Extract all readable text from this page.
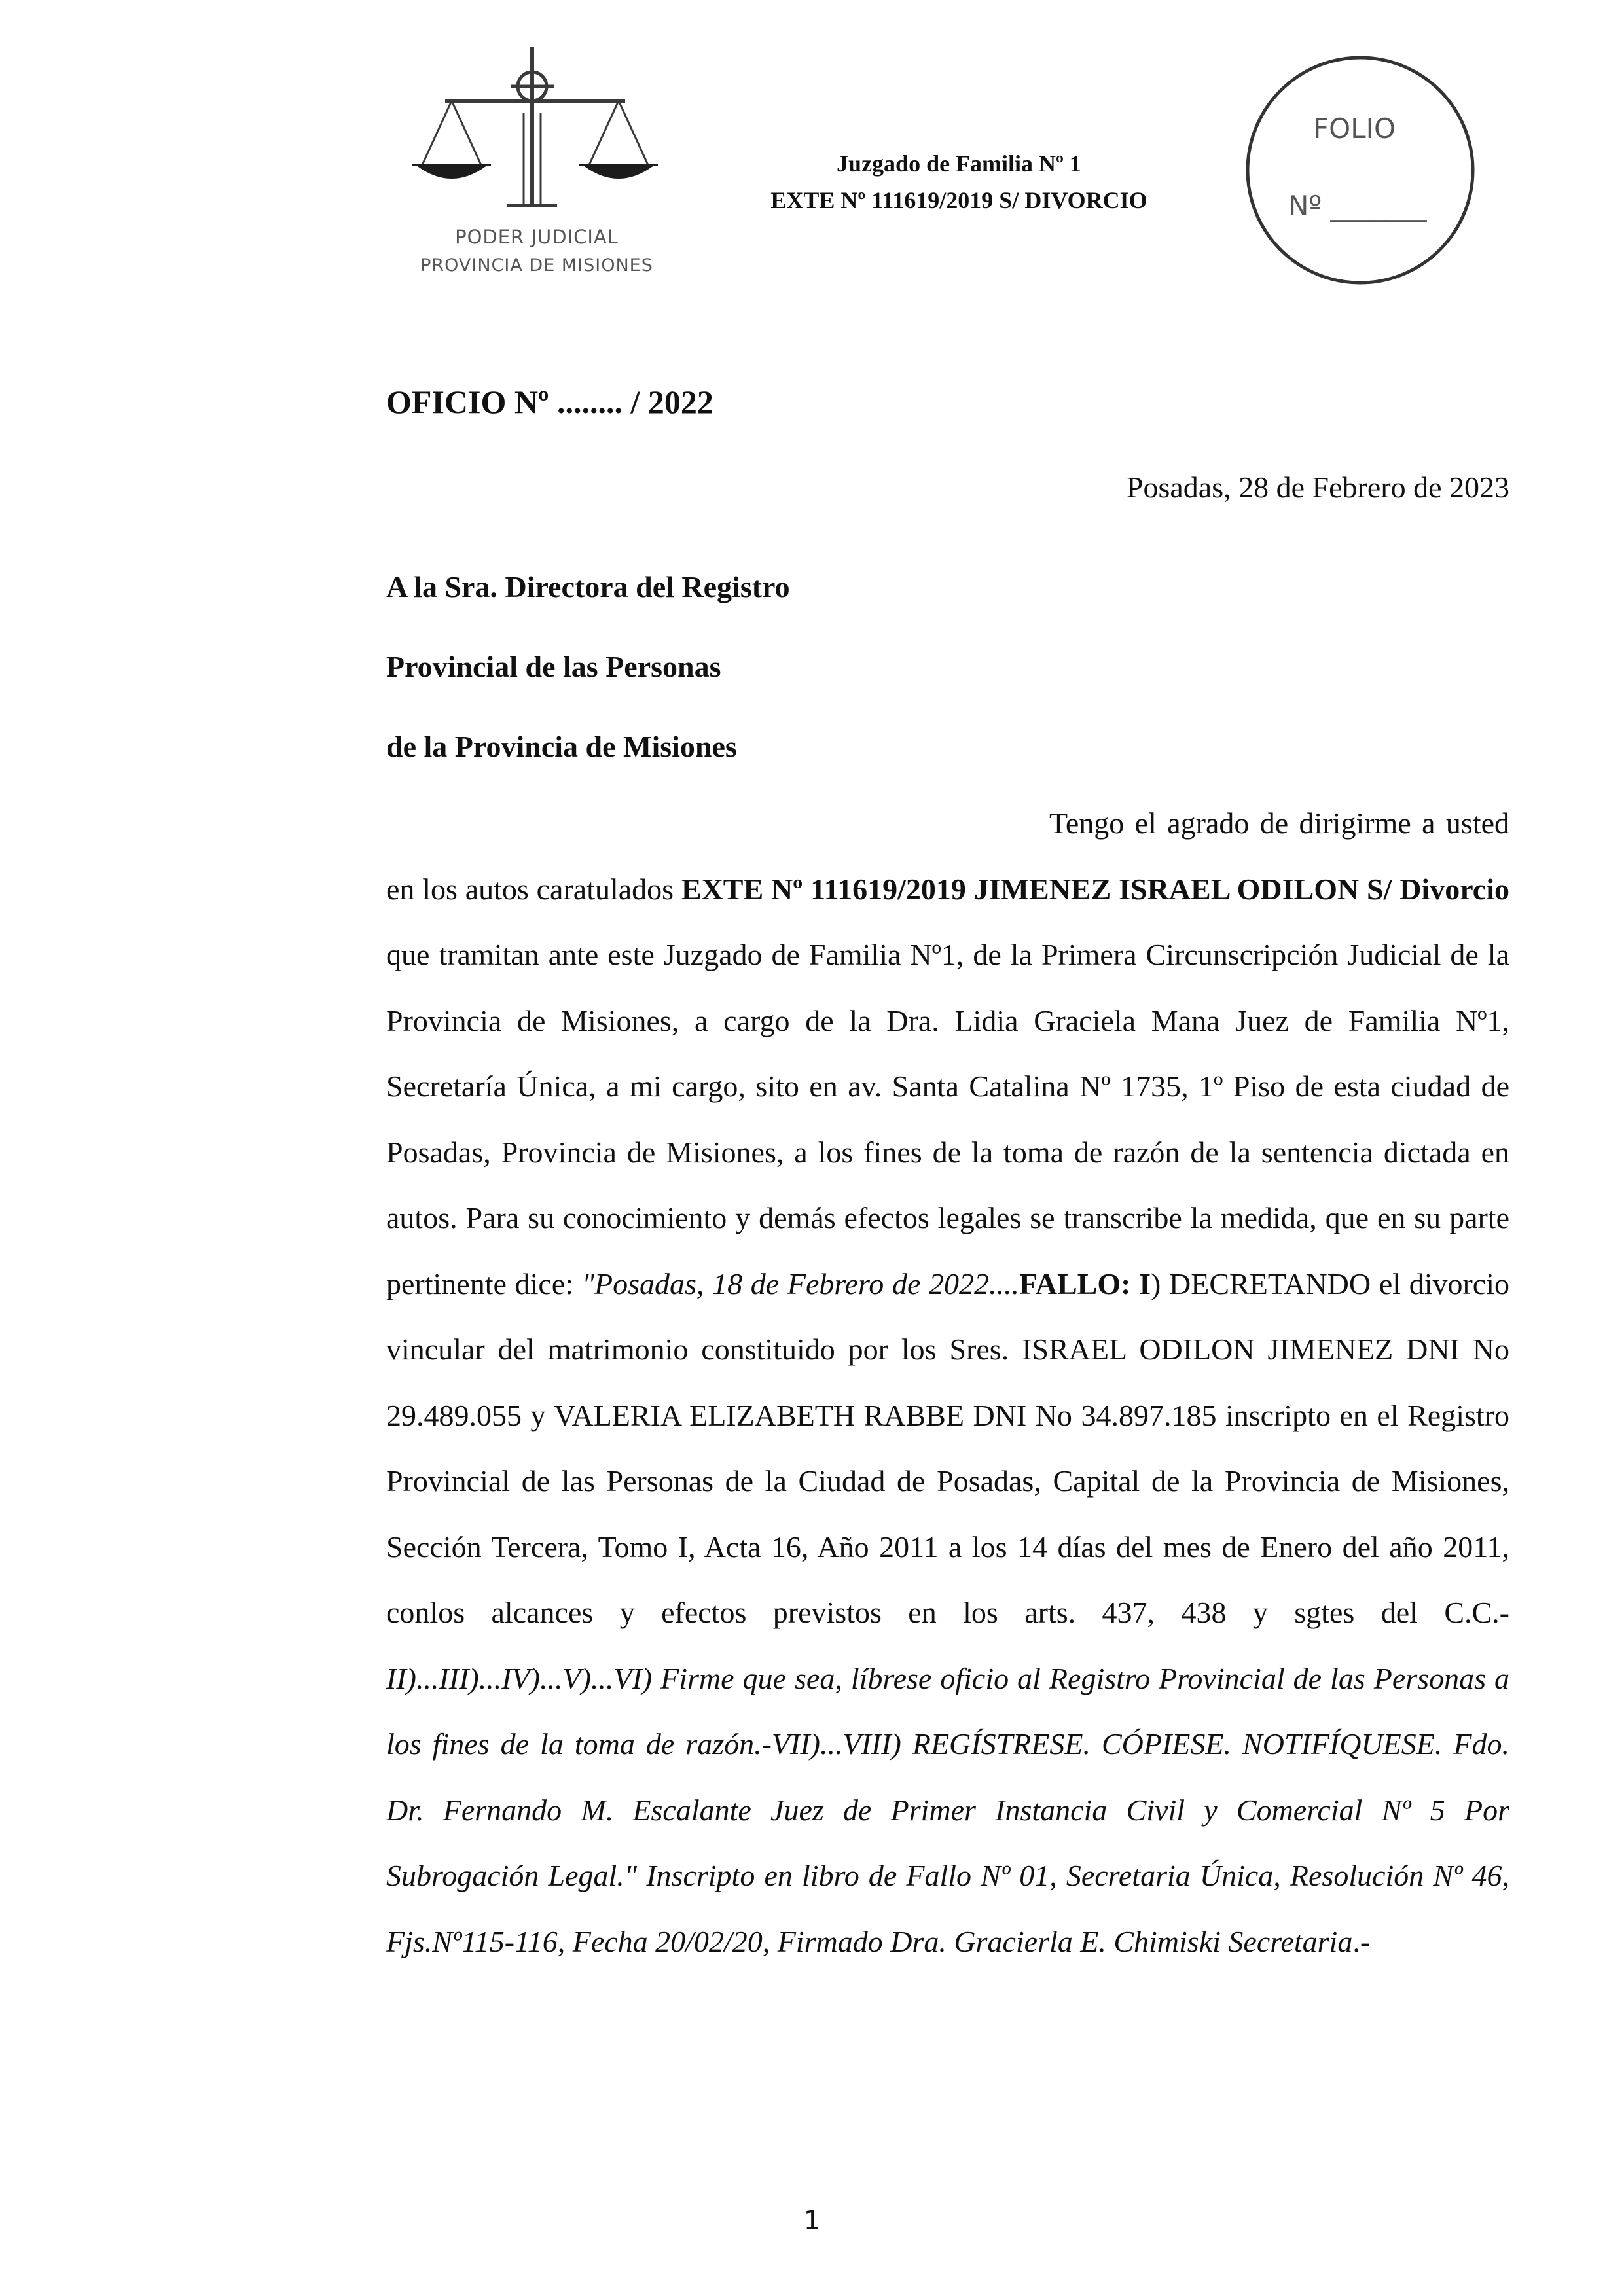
PODER JUDICIAL
PROVINCIA DE MISIONES
Juzgado de Familia Nº 1
EXTE Nº 111619/2019 S/ DIVORCIO
FOLIO
Nº _______
OFICIO Nº ........ / 2022
Posadas, 28 de Febrero de 2023
A la Sra. Directora del Registro
Provincial de las Personas
de la Provincia de Misiones

Tengo el agrado de dirigirme a usted en los autos caratulados EXTE Nº 111619/2019 JIMENEZ ISRAEL ODILON S/ Divorcio que tramitan ante este Juzgado de Familia Nº1, de la Primera Circunscripción Judicial de la Provincia de Misiones, a cargo de la Dra. Lidia Graciela Mana Juez de Familia Nº1, Secretaría Única, a mi cargo, sito en av. Santa Catalina Nº 1735, 1º Piso de esta ciudad de Posadas, Provincia de Misiones, a los fines de la toma de razón de la sentencia dictada en autos. Para su conocimiento y demás efectos legales se transcribe la medida, que en su parte pertinente dice: "Posadas, 18 de Febrero de 2022....FALLO: I) DECRETANDO el divorcio vincular del matrimonio constituido por los Sres. ISRAEL ODILON JIMENEZ DNI No 29.489.055 y VALERIA ELIZABETH RABBE DNI No 34.897.185 inscripto en el Registro Provincial de las Personas de la Ciudad de Posadas, Capital de la Provincia de Misiones, Sección Tercera, Tomo I, Acta 16, Año 2011 a los 14 días del mes de Enero del año 2011, conlos alcances y efectos previstos en los arts. 437, 438 y sgtes del C.C.-II)...III)...IV)...V)...VI) Firme que sea, líbrese oficio al Registro Provincial de las Personas a los fines de la toma de razón.-VII)...VIII) REGÍSTRESE. CÓPIESE. NOTIFÍQUESE. Fdo. Dr. Fernando M. Escalante Juez de Primer Instancia Civil y Comercial Nº 5 Por Subrogación Legal." Inscripto en libro de Fallo Nº 01, Secretaria Única, Resolución Nº 46, Fjs.Nº115-116, Fecha 20/02/20, Firmado Dra. Gracierla E. Chimiski Secretaria.-

1
